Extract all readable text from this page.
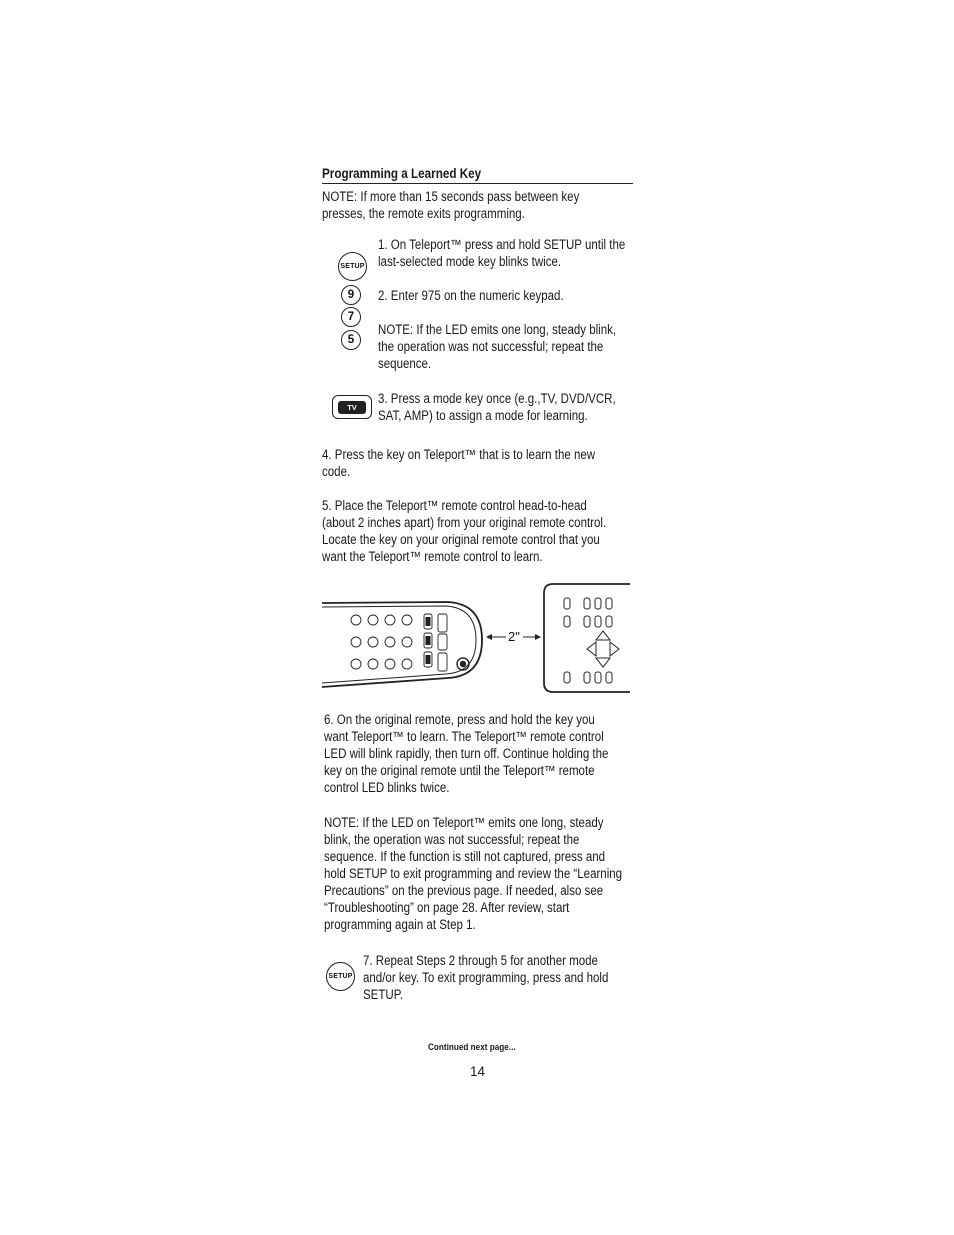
Programming a Learned Key

NOTE: If more than 15 seconds pass between key
presses, the remote exits programming.

SETUP

1. On Teleport™ press and hold SETUP until the
last-selected mode key blinks twice.

9
7
5

2. Enter 975 on the numeric keypad.

NOTE: If the LED emits one long, steady blink,
the operation was not successful; repeat the
sequence.

TV

3. Press a mode key once (e.g.,TV, DVD/VCR,
SAT, AMP) to assign a mode for learning.

4. Press the key on Teleport™ that is to learn the new
code.

5. Place the Teleport™ remote control head-to-head
(about 2 inches apart) from your original remote control.
Locate the key on your original remote control that you
want the Teleport™ remote control to learn.

2"

6. On the original remote, press and hold the key you
want Teleport™ to learn. The Teleport™ remote control
LED will blink rapidly, then turn off. Continue holding the
key on the original remote until the Teleport™ remote
control LED blinks twice.

NOTE: If the LED on Teleport™ emits one long, steady
blink, the operation was not successful; repeat the
sequence. If the function is still not captured, press and
hold SETUP to exit programming and review the “Learning
Precautions” on the previous page. If needed, also see
“Troubleshooting” on page 28. After review, start
programming again at Step 1.

SETUP

7. Repeat Steps 2 through 5 for another mode
and/or key. To exit programming, press and hold
SETUP.

Continued next page...

14
